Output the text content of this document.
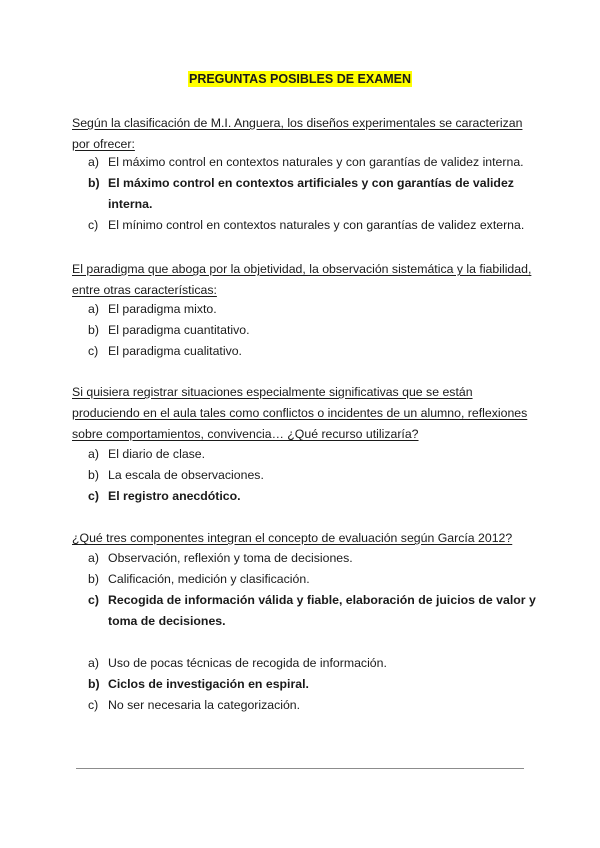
PREGUNTAS POSIBLES DE EXAMEN
Según la clasificación de M.I. Anguera, los diseños experimentales se caracterizan por ofrecer:
a) El máximo control en contextos naturales y con garantías de validez interna.
b) El máximo control en contextos artificiales y con garantías de validez interna.
c) El mínimo control en contextos naturales y con garantías de validez externa.
El paradigma que aboga por la objetividad, la observación sistemática y la fiabilidad, entre otras características:
a) El paradigma mixto.
b) El paradigma cuantitativo.
c) El paradigma cualitativo.
Si quisiera registrar situaciones especialmente significativas que se están produciendo en el aula tales como conflictos o incidentes de un alumno, reflexiones sobre comportamientos, convivencia… ¿Qué recurso utilizaría?
a) El diario de clase.
b) La escala de observaciones.
c) El registro anecdótico.
¿Qué tres componentes integran el concepto de evaluación según García 2012?
a) Observación, reflexión y toma de decisiones.
b) Calificación, medición y clasificación.
c) Recogida de información válida y fiable, elaboración de juicios de valor y toma de decisiones.
a) Uso de pocas técnicas de recogida de información.
b) Ciclos de investigación en espiral.
c) No ser necesaria la categorización.
